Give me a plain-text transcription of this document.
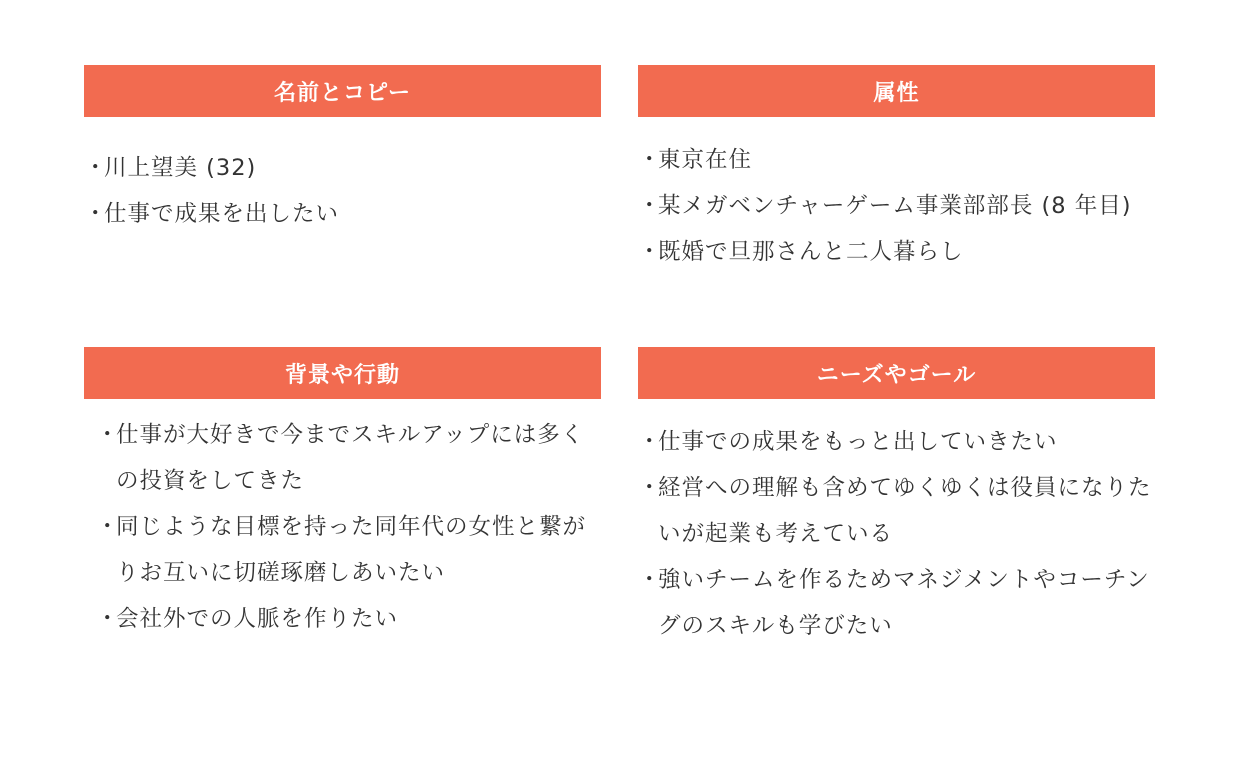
名前とコピー
・
川上望美 (32)
・
仕事で成果を出したい
属性
・
東京在住
・
某メガベンチャーゲーム事業部部長 (8 年目)
・
既婚で旦那さんと二人暮らし
背景や行動
・
仕事が大好きで今までスキルアップには多くの投資をしてきた
・
同じような目標を持った同年代の女性と繋がりお互いに切磋琢磨しあいたい
・
会社外での人脈を作りたい
ニーズやゴール
・
仕事での成果をもっと出していきたい
・
経営への理解も含めてゆくゆくは役員になりたいが起業も考えている
・
強いチームを作るためマネジメントやコーチングのスキルも学びたい
